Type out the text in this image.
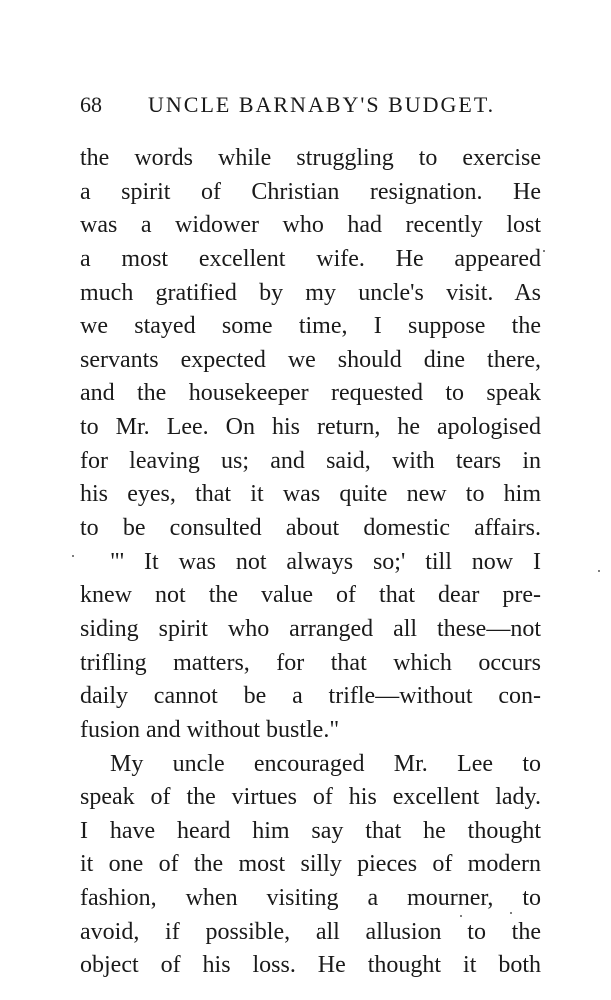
68 UNCLE BARNABY'S BUDGET.
the words while struggling to exercise
a spirit of Christian resignation. He
was a widower who had recently lost
a most excellent wife. He appeared
much gratified by my uncle's visit. As
we stayed some time, I suppose the
servants expected we should dine there,
and the housekeeper requested to speak
to Mr. Lee. On his return, he apologised
for leaving us; and said, with tears in
his eyes, that it was quite new to him
to be consulted about domestic affairs.
"' It was not always so;' till now I
knew not the value of that dear pre-
siding spirit who arranged all these—not
trifling matters, for that which occurs
daily cannot be a trifle—without con-
fusion and without bustle."
My uncle encouraged Mr. Lee to
speak of the virtues of his excellent lady.
I have heard him say that he thought
it one of the most silly pieces of modern
fashion, when visiting a mourner, to
avoid, if possible, all allusion to the
object of his loss. He thought it both
